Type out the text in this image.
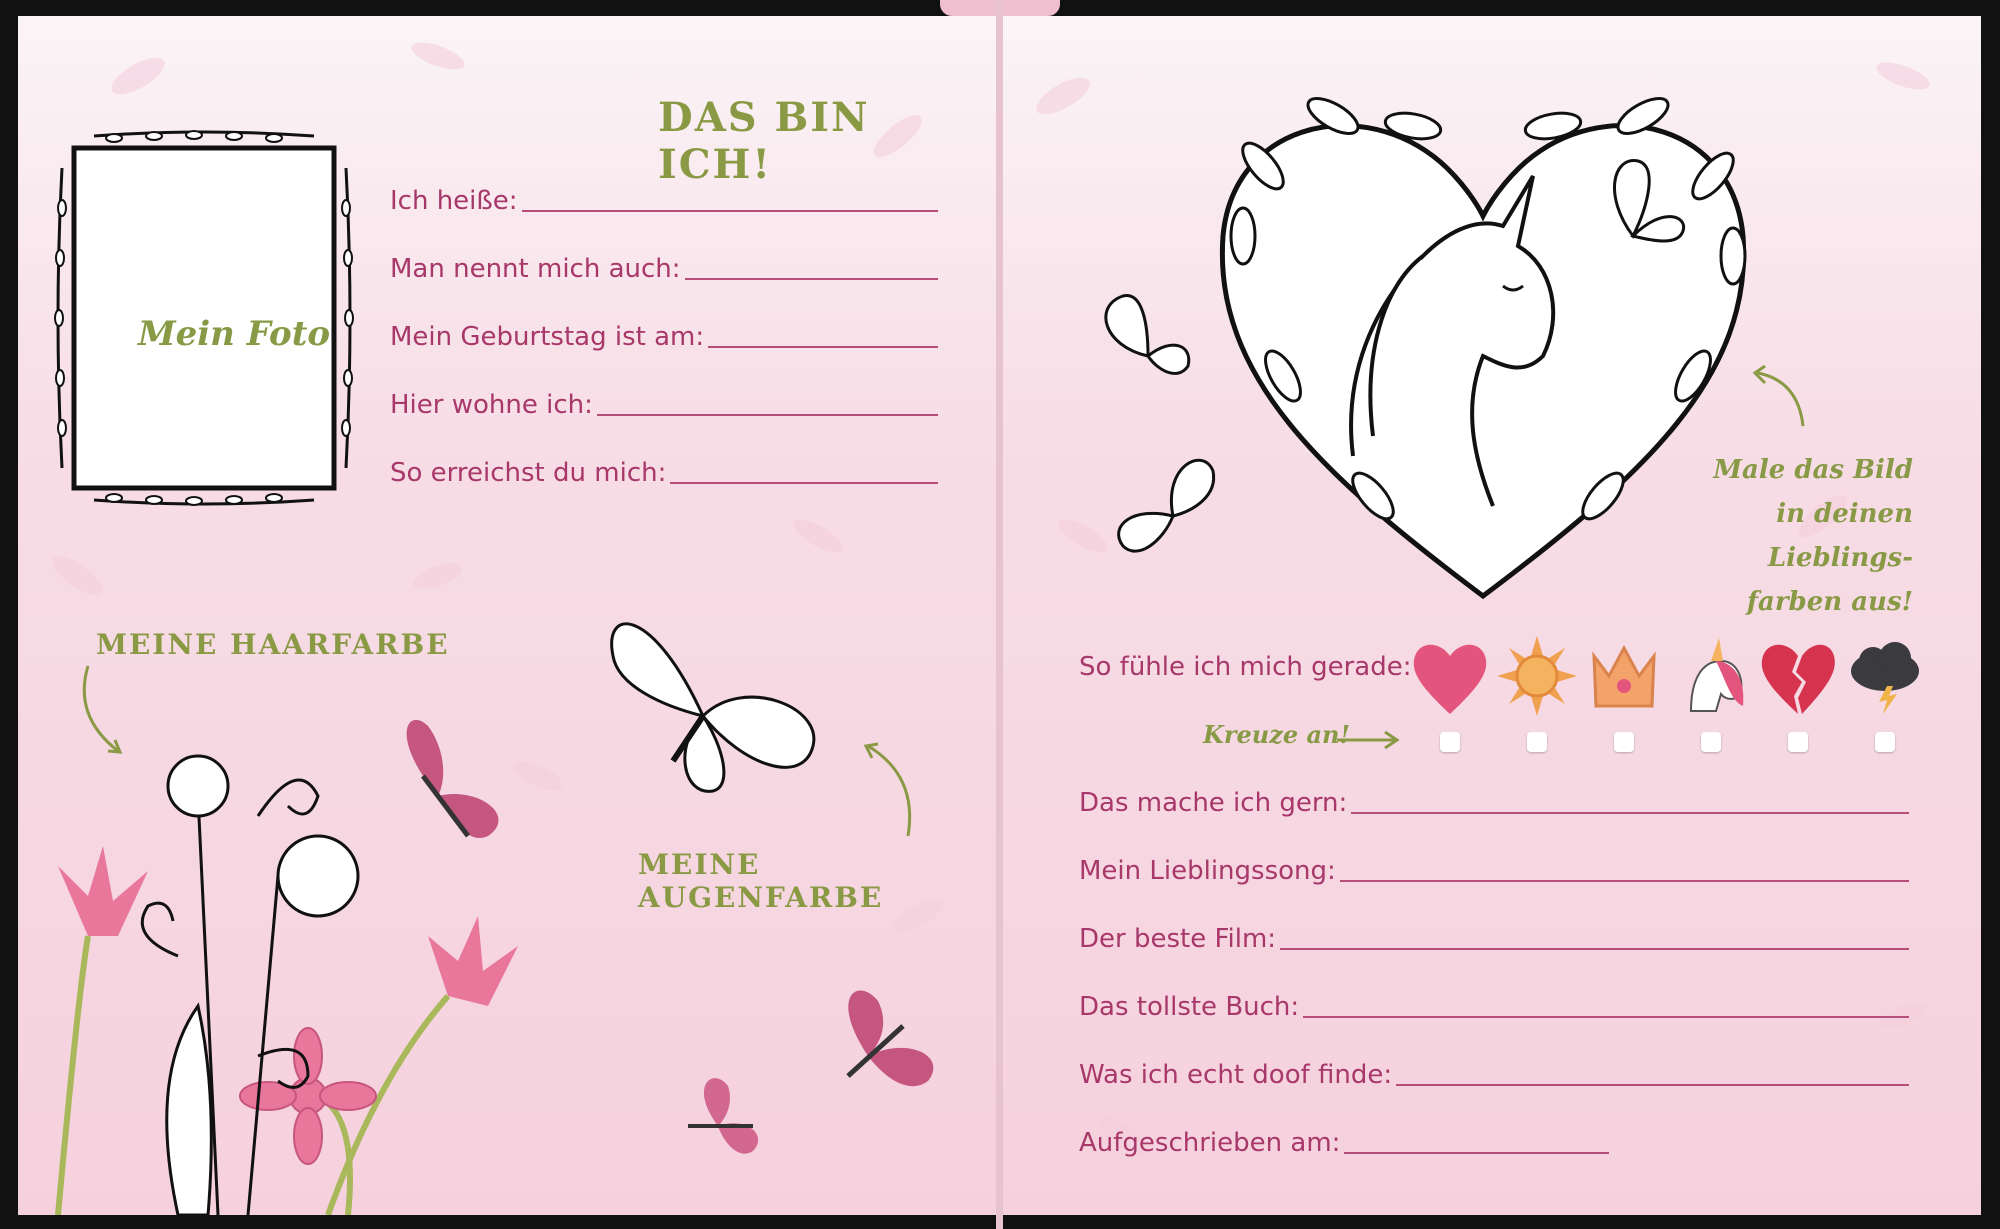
DAS BIN ICH!
Mein Foto
Ich heiße:
Man nennt mich auch:
Mein Geburtstag ist am:
Hier wohne ich:
So erreichst du mich:
MEINE HAARFARBE
MEINE AUGENFARBE
Male das Bild
in deinen Lieblings-
farben aus!
So fühle ich mich gerade:
Kreuze an!
Das mache ich gern:
Mein Lieblingssong:
Der beste Film:
Das tollste Buch:
Was ich echt doof finde:
Aufgeschrieben am:
